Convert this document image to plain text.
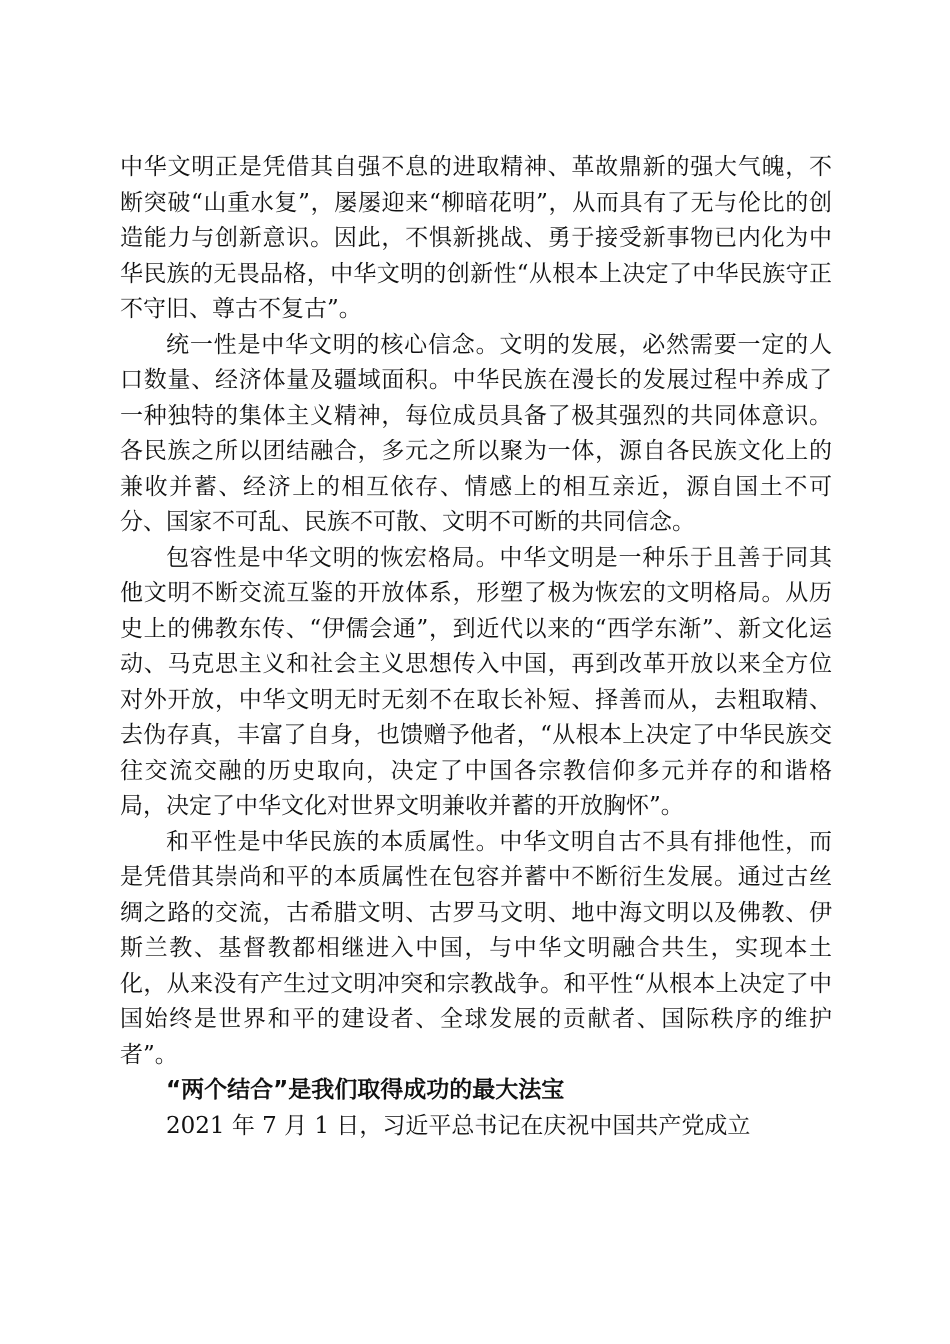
中华文明正是凭借其自强不息的进取精神、革故鼎新的强大气魄，不断突破“山重水复”，屡屡迎来“柳暗花明”，从而具有了无与伦比的创造能力与创新意识。因此，不惧新挑战、勇于接受新事物已内化为中华民族的无畏品格，中华文明的创新性“从根本上决定了中华民族守正不守旧、尊古不复古”。

统一性是中华文明的核心信念。文明的发展，必然需要一定的人口数量、经济体量及疆域面积。中华民族在漫长的发展过程中养成了一种独特的集体主义精神，每位成员具备了极其强烈的共同体意识。各民族之所以团结融合，多元之所以聚为一体，源自各民族文化上的兼收并蓄、经济上的相互依存、情感上的相互亲近，源自国土不可分、国家不可乱、民族不可散、文明不可断的共同信念。

包容性是中华文明的恢宏格局。中华文明是一种乐于且善于同其他文明不断交流互鉴的开放体系，形塑了极为恢宏的文明格局。从历史上的佛教东传、“伊儒会通”，到近代以来的“西学东渐”、新文化运动、马克思主义和社会主义思想传入中国，再到改革开放以来全方位对外开放，中华文明无时无刻不在取长补短、择善而从，去粗取精、去伪存真，丰富了自身，也馈赠予他者，“从根本上决定了中华民族交往交流交融的历史取向，决定了中国各宗教信仰多元并存的和谐格局，决定了中华文化对世界文明兼收并蓄的开放胸怀”。

和平性是中华民族的本质属性。中华文明自古不具有排他性，而是凭借其崇尚和平的本质属性在包容并蓄中不断衍生发展。通过古丝绸之路的交流，古希腊文明、古罗马文明、地中海文明以及佛教、伊斯兰教、基督教都相继进入中国，与中华文明融合共生，实现本土化，从来没有产生过文明冲突和宗教战争。和平性“从根本上决定了中国始终是世界和平的建设者、全球发展的贡献者、国际秩序的维护者”。

“两个结合”是我们取得成功的最大法宝

2021 年 7 月 1 日，习近平总书记在庆祝中国共产党成立
